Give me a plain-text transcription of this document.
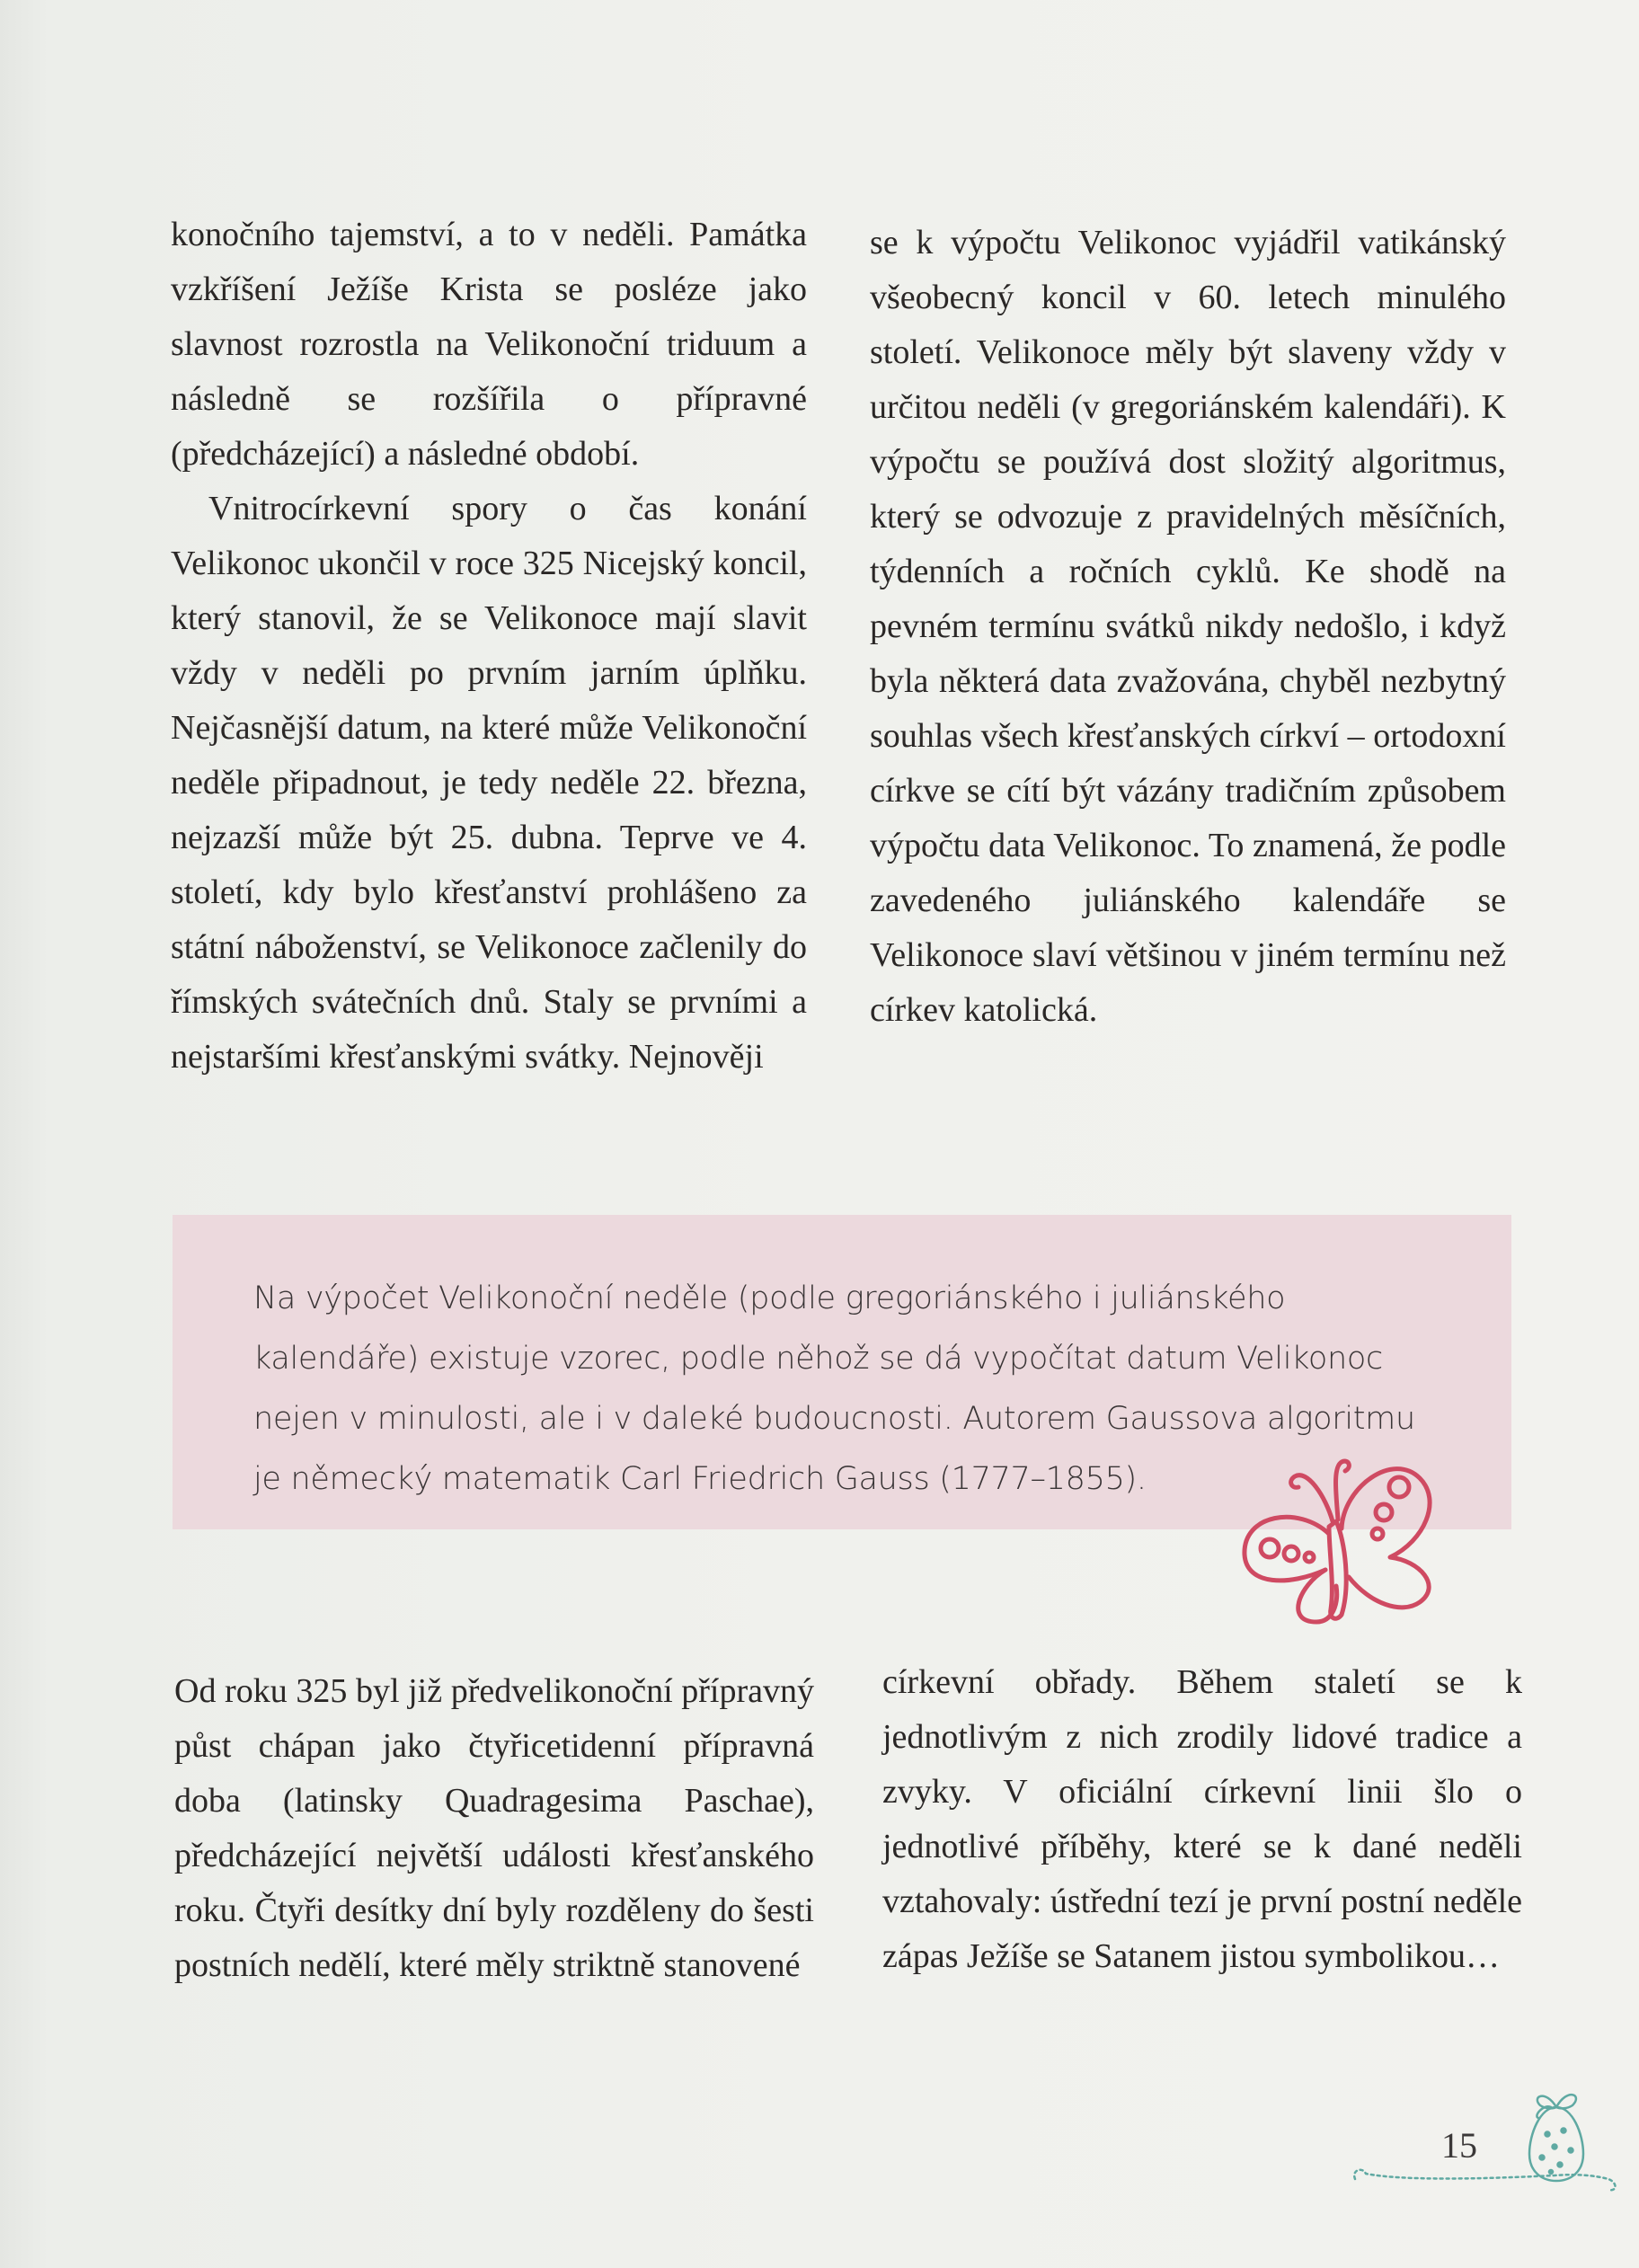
konočního tajemství, a to v neděli. Památka vzkříšení Ježíše Krista se posléze jako slavnost rozrostla na Velikonoční triduum a následně se rozšířila o přípravné (předcházející) a následné období.

Vnitrocírkevní spory o čas konání Velikonoc ukončil v roce 325 Nicejský koncil, který stanovil, že se Velikonoce mají slavit vždy v neděli po prvním jarním úplňku. Nejčasnější datum, na které může Velikonoční neděle připadnout, je tedy neděle 22. března, nejzazší může být 25. dubna. Teprve ve 4. století, kdy bylo křesťanství prohlášeno za státní náboženství, se Velikonoce začlenily do římských svátečních dnů. Staly se prvními a nejstaršími křesťanskými svátky. Nejnověji

se k výpočtu Velikonoc vyjádřil vatikánský všeobecný koncil v 60. letech minulého století. Velikonoce měly být slaveny vždy v určitou neděli (v gregoriánském kalendáři). K výpočtu se používá dost složitý algoritmus, který se odvozuje z pravidelných měsíčních, týdenních a ročních cyklů. Ke shodě na pevném termínu svátků nikdy nedošlo, i když byla některá data zvažována, chyběl nezbytný souhlas všech křesťanských církví – ortodoxní církve se cítí být vázány tradičním způsobem výpočtu data Velikonoc. To znamená, že podle zavedeného juliánského kalendáře se Velikonoce slaví většinou v jiném termínu než církev katolická.

Na výpočet Velikonoční neděle (podle gregoriánského i juliánského kalendáře) existuje vzorec, podle něhož se dá vypočítat datum Velikonoc nejen v minulosti, ale i v daleké budoucnosti. Autorem Gaussova algoritmu je německý matematik Carl Friedrich Gauss (1777–1855).

Od roku 325 byl již předvelikonoční přípravný půst chápan jako čtyřicetidenní přípravná doba (latinsky Quadragesima Paschae), předcházející největší události křesťanského roku. Čtyři desítky dní byly rozděleny do šesti postních nedělí, které měly striktně stanovené

církevní obřady. Během staletí se k jednotlivým z nich zrodily lidové tradice a zvyky. V oficiální církevní linii šlo o jednotlivé příběhy, které se k dané neděli vztahovaly: ústřední tezí je první postní neděle zápas Ježíše se Satanem jistou symbolikou…

15
